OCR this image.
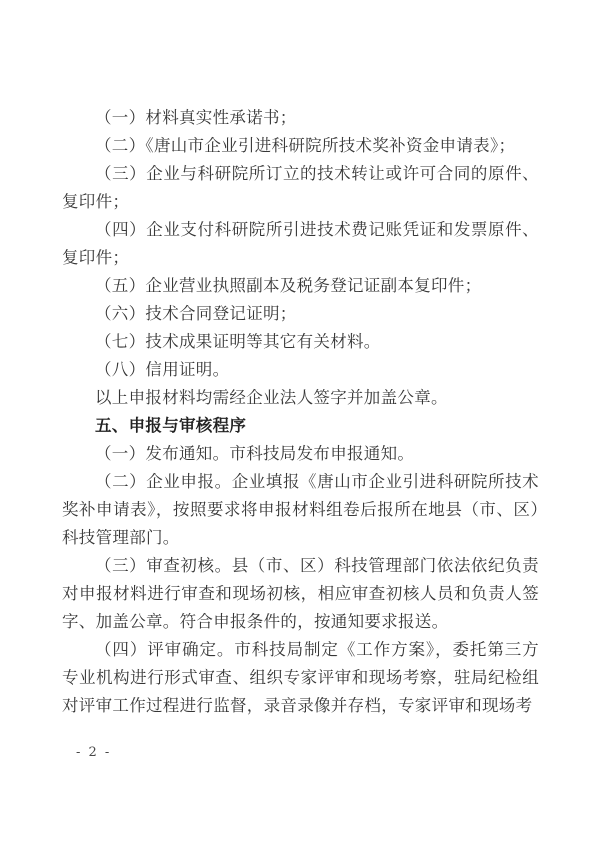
（一）材料真实性承诺书；

（二）《唐山市企业引进科研院所技术奖补资金申请表》；

（三）企业与科研院所订立的技术转让或许可合同的原件、复印件；

（四）企业支付科研院所引进技术费记账凭证和发票原件、复印件；

（五）企业营业执照副本及税务登记证副本复印件；

（六）技术合同登记证明；

（七）技术成果证明等其它有关材料。

（八）信用证明。

以上申报材料均需经企业法人签字并加盖公章。

五、申报与审核程序

（一）发布通知。市科技局发布申报通知。

（二）企业申报。企业填报《唐山市企业引进科研院所技术奖补申请表》，按照要求将申报材料组卷后报所在地县（市、区）科技管理部门。

（三）审查初核。县（市、区）科技管理部门依法依纪负责对申报材料进行审查和现场初核，相应审查初核人员和负责人签字、加盖公章。符合申报条件的，按通知要求报送。

（四）评审确定。市科技局制定《工作方案》，委托第三方专业机构进行形式审查、组织专家评审和现场考察，驻局纪检组对评审工作过程进行监督，录音录像并存档，专家评审和现场考

- 2 -
